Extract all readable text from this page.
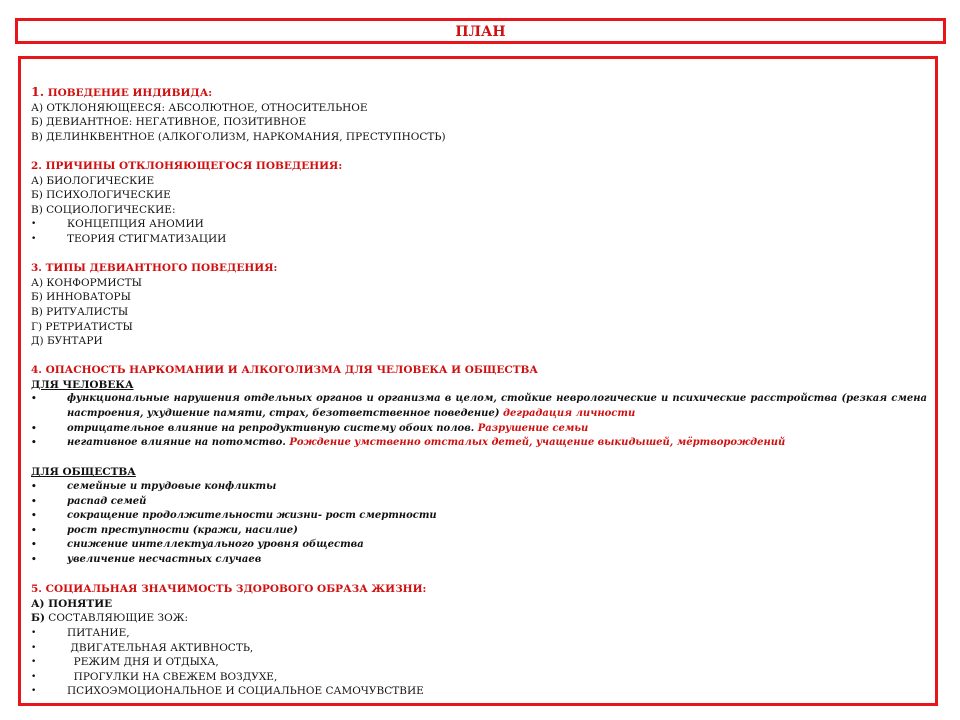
ПЛАН
1. ПОВЕДЕНИЕ ИНДИВИДА:
А) ОТКЛОНЯЮЩЕЕСЯ: АБСОЛЮТНОЕ, ОТНОСИТЕЛЬНОЕ
Б) ДЕВИАНТНОЕ: НЕГАТИВНОЕ, ПОЗИТИВНОЕ
В) ДЕЛИНКВЕНТНОЕ (АЛКОГОЛИЗМ, НАРКОМАНИЯ, ПРЕСТУПНОСТЬ)
2. ПРИЧИНЫ ОТКЛОНЯЮЩЕГОСЯ ПОВЕДЕНИЯ:
А) БИОЛОГИЧЕСКИЕ
Б) ПСИХОЛОГИЧЕСКИЕ
В) СОЦИОЛОГИЧЕСКИЕ:
• КОНЦЕПЦИЯ АНОМИИ
• ТЕОРИЯ СТИГМАТИЗАЦИИ
3. ТИПЫ ДЕВИАНТНОГО ПОВЕДЕНИЯ:
А) КОНФОРМИСТЫ
Б) ИННОВАТОРЫ
В) РИТУАЛИСТЫ
Г) РЕТРИАТИСТЫ
Д) БУНТАРИ
4. ОПАСНОСТЬ НАРКОМАНИИ И АЛКОГОЛИЗМА ДЛЯ ЧЕЛОВЕКА И ОБЩЕСТВА
ДЛЯ ЧЕЛОВЕКА
• функциональные нарушения отдельных органов и организма в целом, стойкие неврологические и психические расстройства (резкая смена настроения, ухудшение памяти, страх, безответственное поведение) деградация личности
• отрицательное влияние на репродуктивную систему обоих полов. Разрушение семьи
• негативное влияние на потомство. Рождение умственно отсталых детей, учащение выкидышей, мёртворождений
ДЛЯ ОБЩЕСТВА
• семейные и трудовые конфликты
• распад семей
• сокращение продолжительности жизни- рост смертности
• рост преступности (кражи, насилие)
• снижение интеллектуального уровня общества
• увеличение несчастных случаев
5. СОЦИАЛЬНАЯ ЗНАЧИМОСТЬ ЗДОРОВОГО ОБРАЗА ЖИЗНИ:
А) ПОНЯТИЕ
Б) СОСТАВЛЯЮЩИЕ ЗОЖ:
• ПИТАНИЕ,
•  ДВИГАТЕЛЬНАЯ АКТИВНОСТЬ,
•   РЕЖИМ ДНЯ И ОТДЫХА,
•   ПРОГУЛКИ НА СВЕЖЕМ ВОЗДУХЕ,
• ПСИХОЭМОЦИОНАЛЬНОЕ И СОЦИАЛЬНОЕ САМОЧУВСТВИЕ
